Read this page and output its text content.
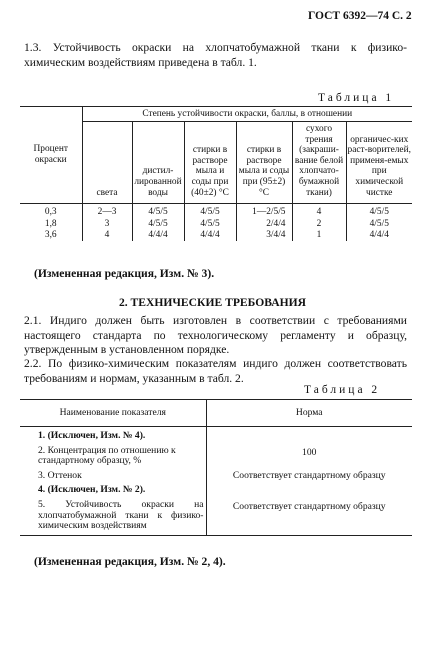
ГОСТ 6392—74 С. 2
1.3. Устойчивость окраски на хлопчатобумажной ткани к физико-химическим воздействиям приведена в табл. 1.
Таблица 1
Процент окраски	Степень устойчивости окраски, баллы, в отношении					
	света	дистил-лированной воды	стирки в растворе мыла и соды при (40±2) °С	стирки в растворе мыла и соды при (95±2) °С	сухого трения (закраши-вание белой хлопчато-бумажной ткани)	органичес-ких раст-ворителей, применя-емых при химической чистке
0,3	2—3	4/5/5	4/5/5	1—2/5/5	4	4/5/5
1,8	3	4/5/5	4/5/5	2/4/4	2	4/5/5
3,6	4	4/4/4	4/4/4	3/4/4	1	4/4/4
(Измененная редакция, Изм. № 3).
2. ТЕХНИЧЕСКИЕ ТРЕБОВАНИЯ
2.1. Индиго должен быть изготовлен в соответствии с требованиями настоящего стандарта по технологическому регламенту и образцу, утвержденным в установленном порядке.
2.2. По физико-химическим показателям индиго должен соответствовать требованиям и нормам, указанным в табл. 2.
Таблица 2
Наименование показателя	Норма
1. (Исключен, Изм. № 4).	
2. Концентрация по отношению к стандартному образцу, %	100
3. Оттенок	Соответствует стандартному образцу
4. (Исключен, Изм. № 2).	
5. Устойчивость окраски на хлопчатобумажной ткани к физико-химическим воздействиям	Соответствует стандартному образцу
(Измененная редакция, Изм. № 2, 4).
